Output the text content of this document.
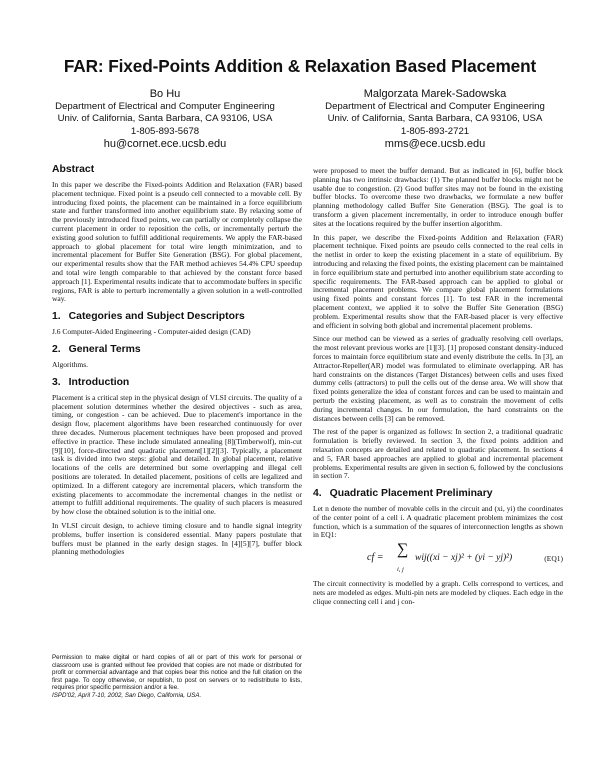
FAR: Fixed-Points Addition & Relaxation Based Placement
Bo Hu
Department of Electrical and Computer Engineering
Univ. of California, Santa Barbara, CA 93106, USA
1-805-893-5678
hu@cornet.ece.ucsb.edu
Malgorzata Marek-Sadowska
Department of Electrical and Computer Engineering
Univ. of California, Santa Barbara, CA 93106, USA
1-805-893-2721
mms@ece.ucsb.edu
Abstract

In this paper we describe the Fixed-points Addition and Relaxation (FAR) based placement technique. Fixed point is a pseudo cell connected to a movable cell. By introducing fixed points, the placement can be maintained in a force equilibrium state and further transformed into another equilibrium state. By relaxing some of the previously introduced fixed points, we can partially or completely collapse the current placement in order to reposition the cells, or incrementally perturb the existing good solution to fulfill additional requirements. We apply the FAR-based approach to global placement for total wire length minimization, and to incremental placement for Buffer Site Generation (BSG). For global placement, our experimental results show that the FAR method achieves 54.4% CPU speedup and total wire length comparable to that achieved by the constant force based approach [1]. Experimental results indicate that to accommodate buffers in specific regions, FAR is able to perturb incrementally a given solution in a well-controlled way.

1. Categories and Subject Descriptors

J.6 Computer-Aided Engineering - Computer-aided design (CAD)

2. General Terms

Algorithms.

3. Introduction

Placement is a critical step in the physical design of VLSI circuits. The quality of a placement solution determines whether the desired objectives - such as area, timing, or congestion - can be achieved. Due to placement's importance in the design flow, placement algorithms have been researched continuously for over three decades. Numerous placement techniques have been proposed and proved effective in practice. These include simulated annealing [8](Timberwolf), min-cut [9][10], force-directed and quadratic placement[1][2][3]. Typically, a placement task is divided into two steps: global and detailed. In global placement, relative locations of the cells are determined but some overlapping and illegal cell positions are tolerated. In detailed placement, positions of cells are legalized and optimized. In a different category are incremental placers, which transform the existing placements to accommodate the incremental changes in the netlist or attempt to fulfill additional requirements. The quality of such placers is measured by how close the obtained solution is to the initial one.

In VLSI circuit design, to achieve timing closure and to handle signal integrity problems, buffer insertion is considered essential. Many papers postulate that buffers must be planned in the early design stages. In [4][5][7], buffer block planning methodologies

were proposed to meet the buffer demand. But as indicated in [6], buffer block planning has two intrinsic drawbacks: (1) The planned buffer blocks might not be usable due to congestion. (2) Good buffer sites may not be found in the existing buffer blocks. To overcome these two drawbacks, we formulate a new buffer planning methodology called Buffer Site Generation (BSG). The goal is to transform a given placement incrementally, in order to introduce enough buffer sites at the locations required by the buffer insertion algorithm.

In this paper, we describe the Fixed-points Addition and Relaxation (FAR) placement technique. Fixed points are pseudo cells connected to the real cells in the netlist in order to keep the existing placement in a state of equilibrium. By introducing and relaxing the fixed points, the existing placement can be maintained in force equilibrium state and perturbed into another equilibrium state according to specific requirements. The FAR-based approach can be applied to global or incremental placement problems. We compare global placement formulations using fixed points and constant forces [1]. To test FAR in the incremental placement context, we applied it to solve the Buffer Site Generation (BSG) problem. Experimental results show that the FAR-based placer is very effective and efficient in solving both global and incremental placement problems.

Since our method can be viewed as a series of gradually resolving cell overlaps, the most relevant previous works are [1][3]. [1] proposed constant density-induced forces to maintain force equilibrium state and evenly distribute the cells. In [3], an Attractor-Repeller(AR) model was formulated to eliminate overlapping. AR has hard constraints on the distances (Target Distances) between cells and uses fixed dummy cells (attractors) to pull the cells out of the dense area. We will show that fixed points generalize the idea of constant forces and can be used to maintain and perturb the existing placement, as well as to constrain the movement of cells during incremental changes. In our formulation, the hard constraints on the distances between cells [3] can be removed.

The rest of the paper is organized as follows: In section 2, a traditional quadratic formulation is briefly reviewed. In section 3, the fixed points addition and relaxation concepts are detailed and related to quadratic placement. In sections 4 and 5, FAR based approaches are applied to global and incremental placement problems. Experimental results are given in section 6, followed by the conclusions in section 7.

4. Quadratic Placement Preliminary

Let n denote the number of movable cells in the circuit and (xi, yi) the coordinates of the center point of a cell i. A quadratic placement problem minimizes the cost function, which is a summation of the squares of interconnection lengths as shown in EQ1:

cf = ∑
i, j
wij((xi − xj)² + (yi − yj)²)	(EQ1)

The circuit connectivity is modelled by a graph. Cells correspond to vertices, and nets are modeled as edges. Multi-pin nets are modeled by cliques. Each edge in the clique connecting cell i and j con-

Permission to make digital or hard copies of all or part of this work for personal or classroom use is granted without fee provided that copies are not made or distributed for profit or commercial advantage and that copies bear this notice and the full citation on the first page. To copy otherwise, or republish, to post on servers or to redistribute to lists, requires prior specific permission and/or a fee.

ISPD'02, April 7-10, 2002, San Diego, California, USA.
